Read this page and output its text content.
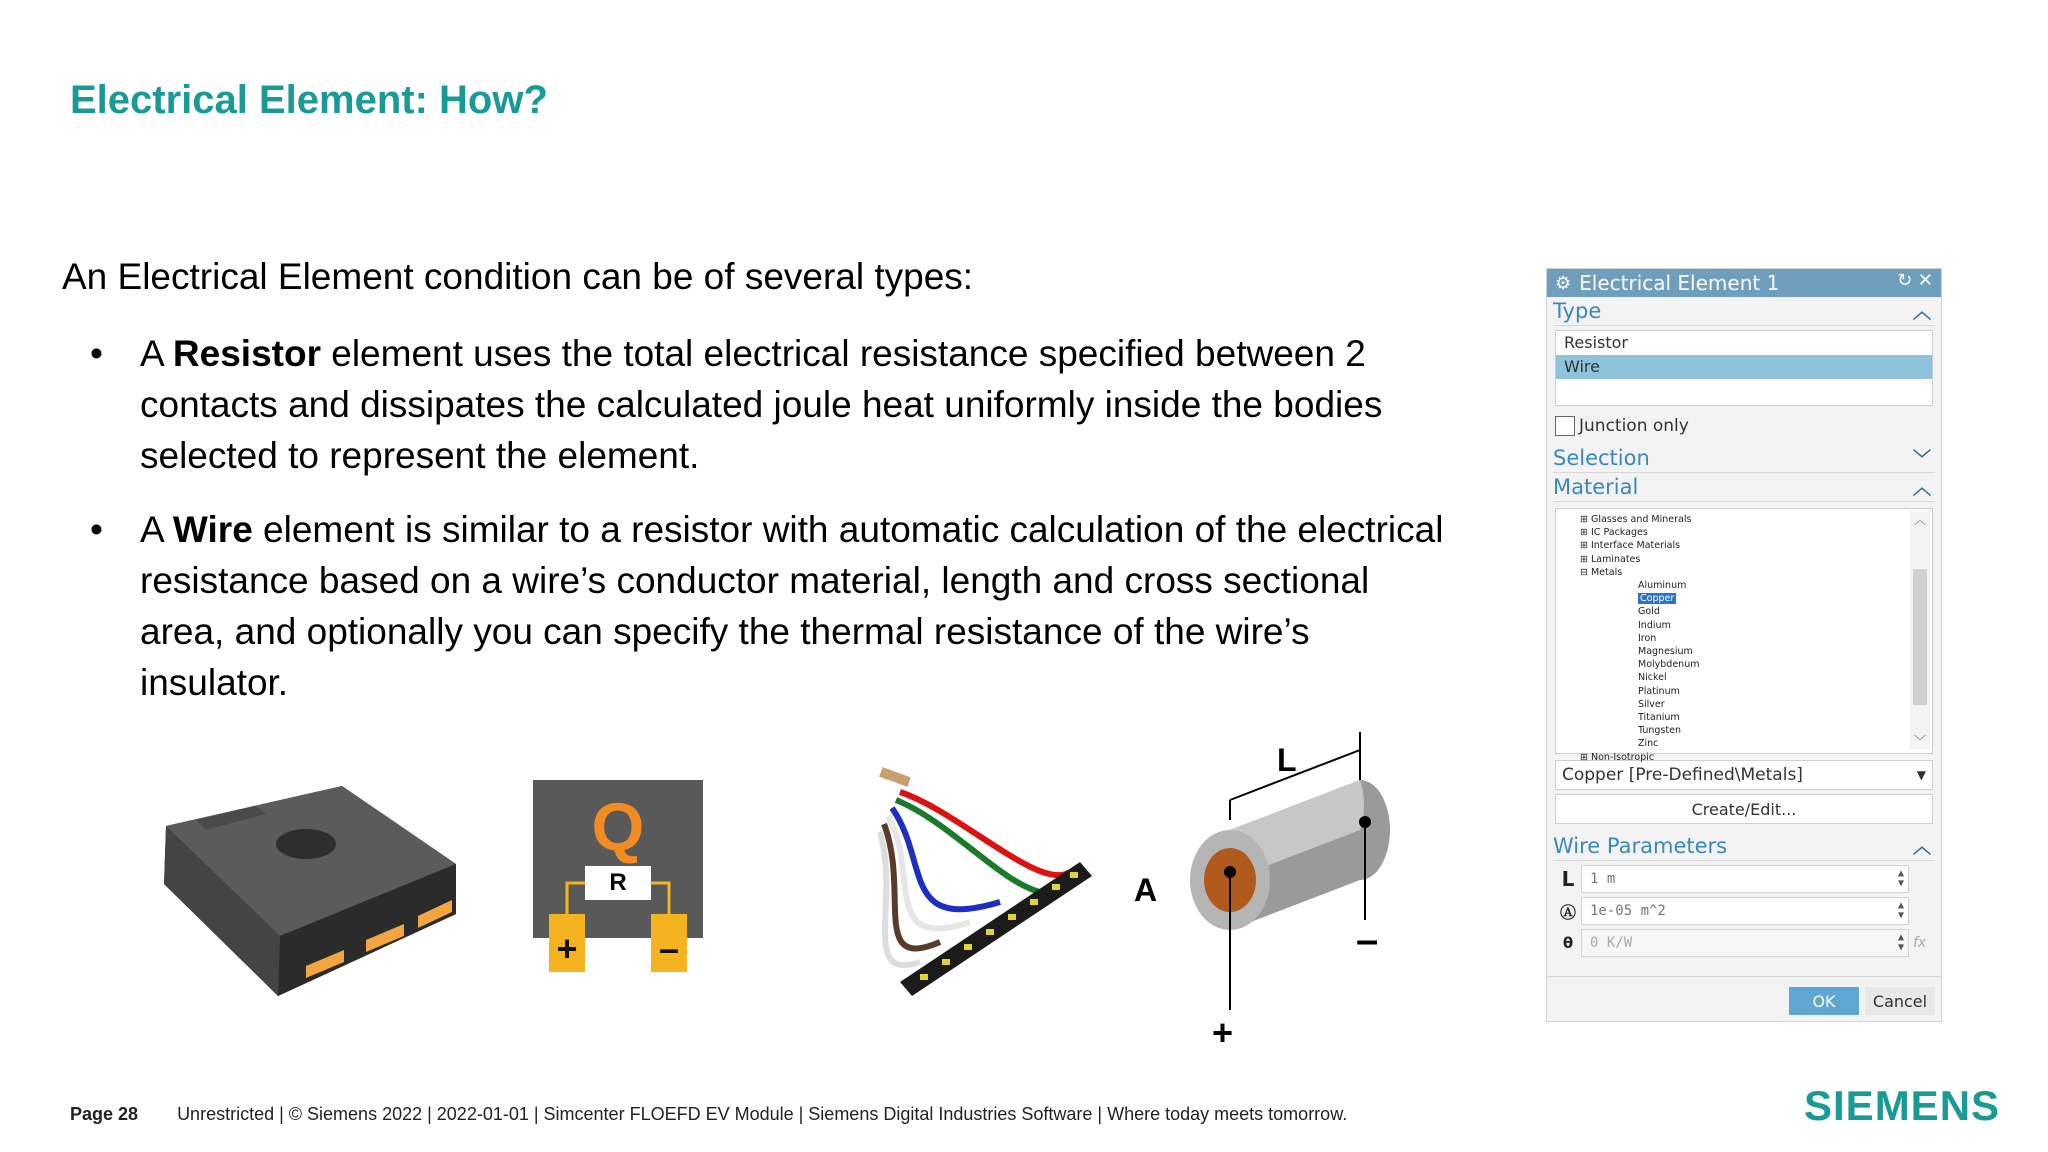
Electrical Element: How?
An Electrical Element condition can be of several types:
• A Resistor element uses the total electrical resistance specified between 2 contacts and dissipates the calculated joule heat uniformly inside the bodies selected to represent the element.
• A Wire element is similar to a resistor with automatic calculation of the electrical resistance based on a wire’s conductor material, length and cross sectional area, and optionally you can specify the thermal resistance of the wire’s insulator.
Q
R
+ –
L
A
–
+
⚙ Electrical Element 1	↻ ✕
Type	︿
Resistor
Wire
Junction only
Selection	﹀
Material	︿
⊞ Glasses and Minerals
⊞ IC Packages
⊞ Interface Materials
⊞ Laminates
⊟ Metals
Aluminum
Copper
Gold
Indium
Iron
Magnesium
Molybdenum
Nickel
Platinum
Silver
Titanium
Tungsten
Zinc
⊞ Non-Isotropic
︿
﹀
Copper [Pre-Defined\Metals]	▼
Create/Edit...
Wire Parameters	︿
L	1 m	▲
▼
Ⓐ	1e-05 m^2	▲
▼
θ	0 K/W	▲
▼ fx
OK	Cancel
Page 28 Unrestricted | © Siemens 2022 | 2022-01-01 | Simcenter FLOEFD EV Module | Siemens Digital Industries Software | Where today meets tomorrow.	SIEMENS
